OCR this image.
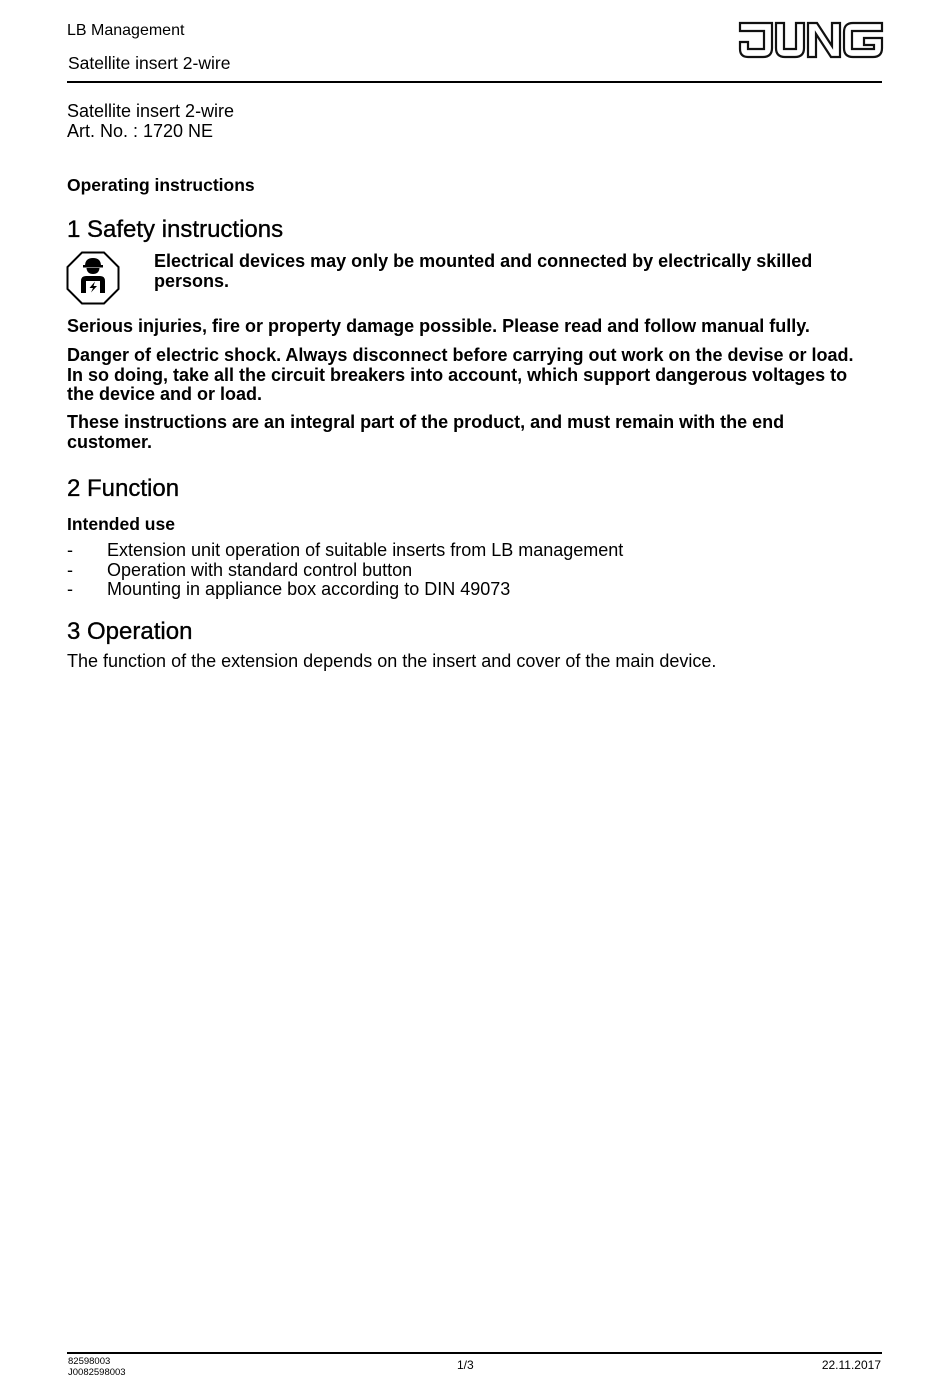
LB Management
Satellite insert 2-wire
Satellite insert 2-wire
Art. No. : 1720 NE
Operating instructions
1 Safety instructions
Electrical devices may only be mounted and connected by electrically skilled persons.
Serious injuries, fire or property damage possible. Please read and follow manual fully.
Danger of electric shock. Always disconnect before carrying out work on the devise or load. In so doing, take all the circuit breakers into account, which support dangerous voltages to the device and or load.
These instructions are an integral part of the product, and must remain with the end customer.
2 Function
Intended use
- Extension unit operation of suitable inserts from LB management
- Operation with standard control button
- Mounting in appliance box according to DIN 49073
3 Operation
The function of the extension depends on the insert and cover of the main device.
82598003
J0082598003	1/3	22.11.2017
